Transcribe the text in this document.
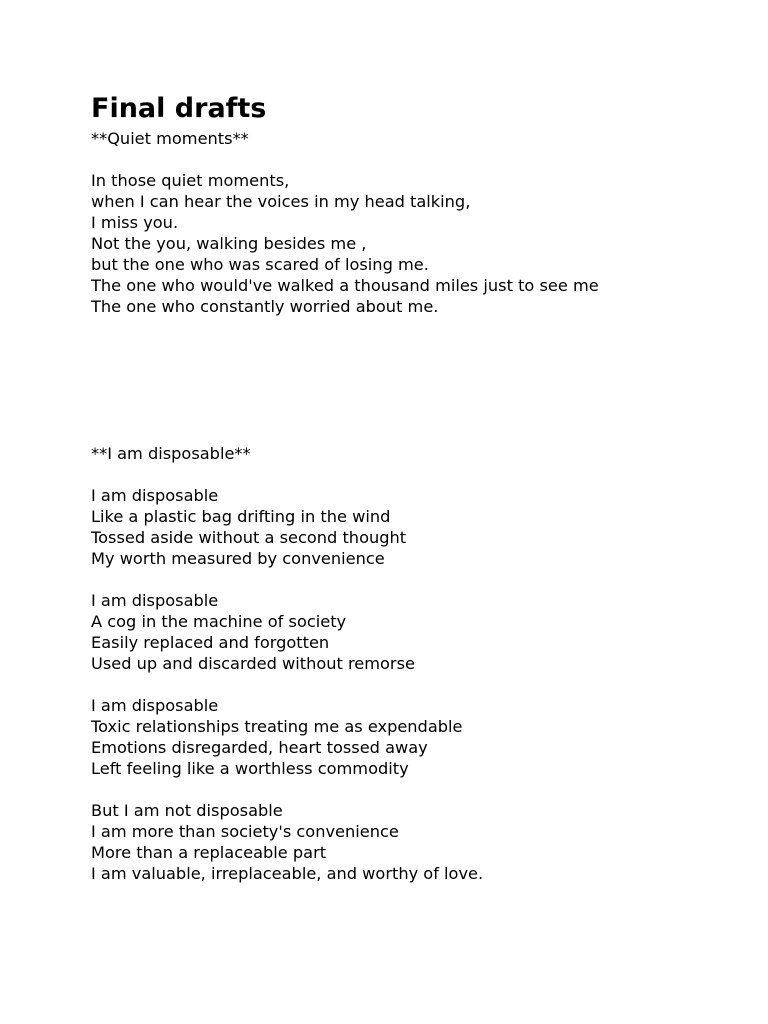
Final drafts
**Quiet moments**
In those quiet moments,
when I can hear the voices in my head talking,
I miss you.
Not the you, walking besides me ,
but the one who was scared of losing me.
The one who would've walked a thousand miles just to see me
The one who constantly worried about me.
**I am disposable**
I am disposable
Like a plastic bag drifting in the wind
Tossed aside without a second thought
My worth measured by convenience
I am disposable
A cog in the machine of society
Easily replaced and forgotten
Used up and discarded without remorse
I am disposable
Toxic relationships treating me as expendable
Emotions disregarded, heart tossed away
Left feeling like a worthless commodity
But I am not disposable
I am more than society's convenience
More than a replaceable part
I am valuable, irreplaceable, and worthy of love.
